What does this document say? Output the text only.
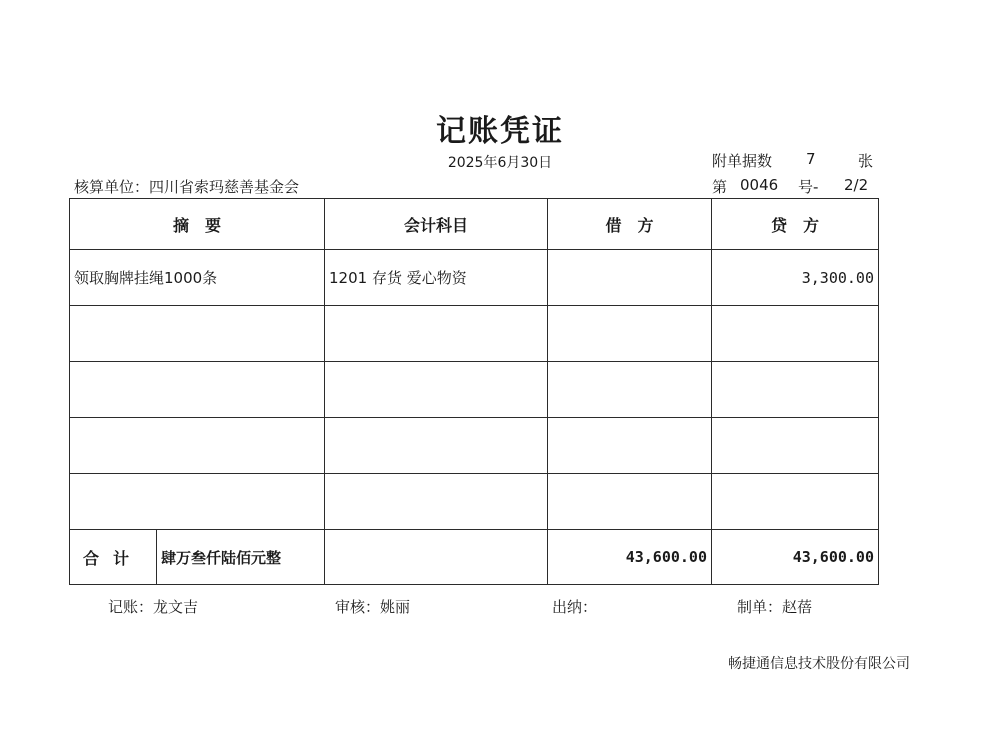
记账凭证
2025年6月30日
核算单位：四川省索玛慈善基金会
附单据数 7	张
第 0046 号- 2/2
摘　要	会计科目	借　方	贷　方
领取胸牌挂绳1000条	1201 存货 爱心物资		3,300.00

合计 肆万叁仟陆佰元整		43,600.00	43,600.00
记账：龙文吉	审核：姚丽	出纳：	制单：赵蓓
畅捷通信息技术股份有限公司
